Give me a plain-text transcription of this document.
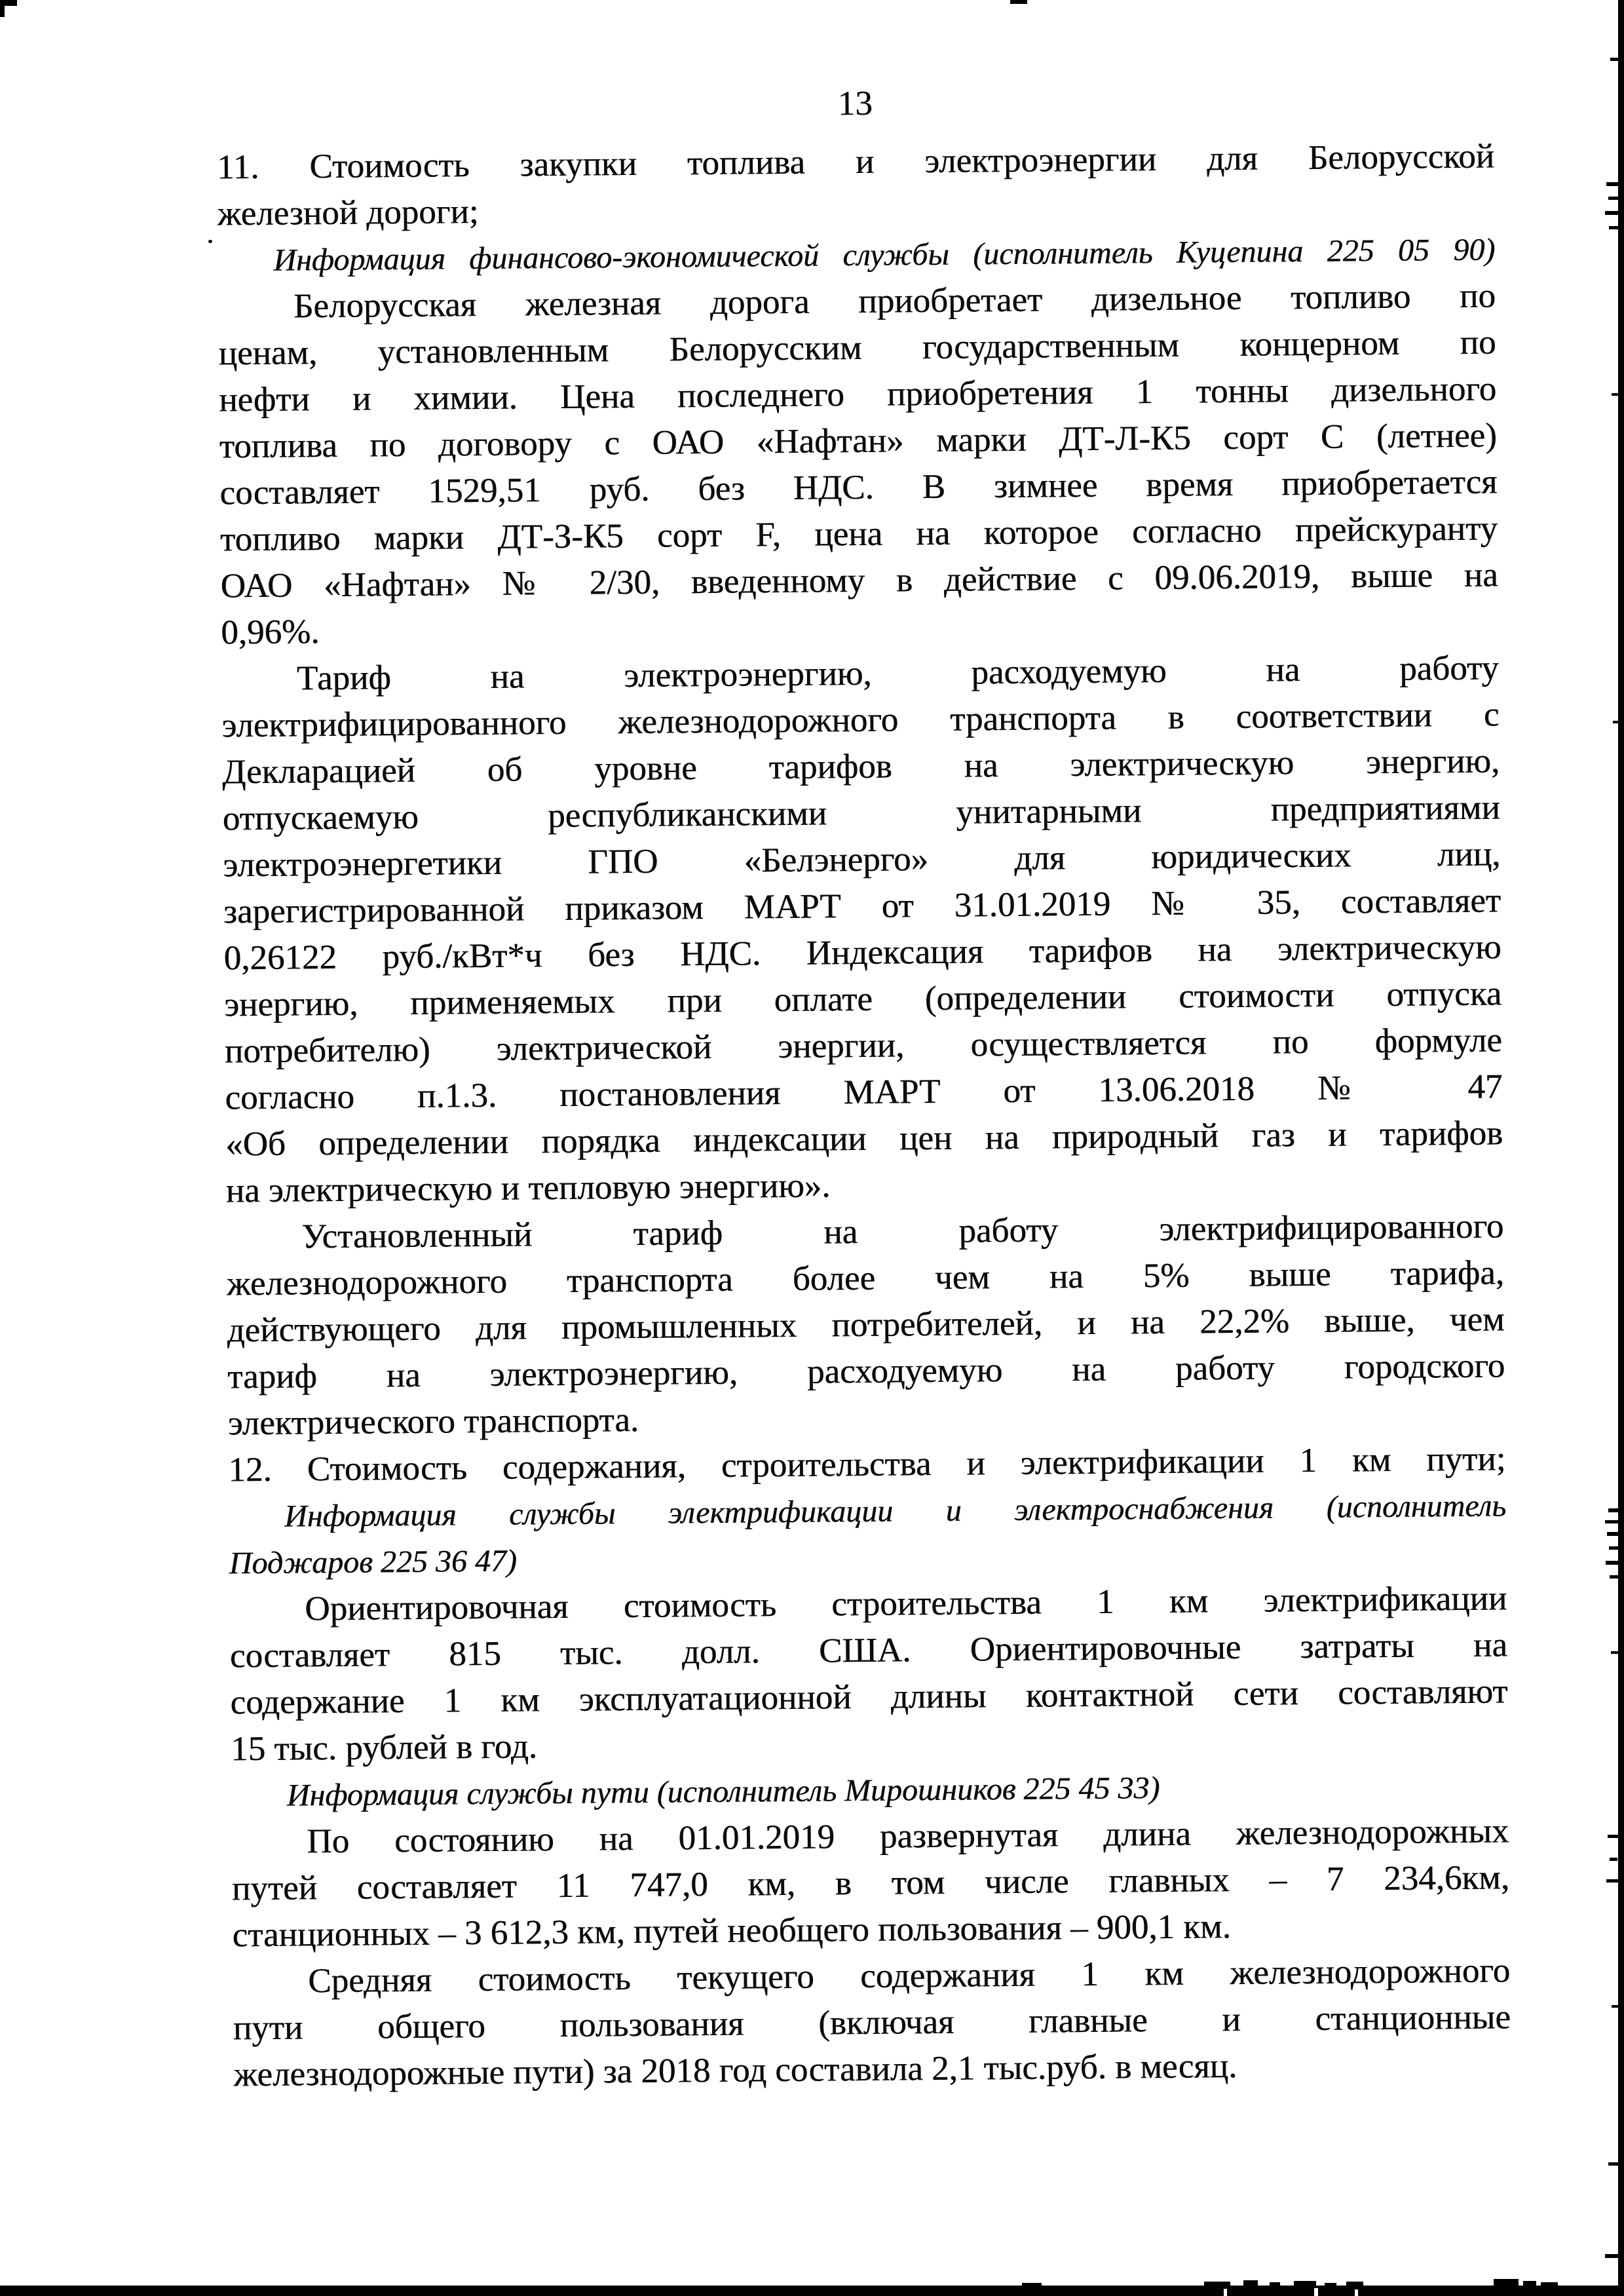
13
11. Стоимость закупки топлива и электроэнергии для Белорусской
железной дороги;
Информация финансово-экономической службы (исполнитель Куцепина 225 05 90)
Белорусская железная дорога приобретает дизельное топливо по
ценам, установленным Белорусским государственным концерном по
нефти и химии. Цена последнего приобретения 1 тонны дизельного
топлива по договору с ОАО «Нафтан» марки ДТ-Л-К5 сорт С (летнее)
составляет 1529,51 руб. без НДС. В зимнее время приобретается
топливо марки ДТ-З-К5 сорт F, цена на которое согласно прейскуранту
ОАО «Нафтан» № 2/30, введенному в действие с 09.06.2019, выше на
0,96%.
Тариф на электроэнергию, расходуемую на работу
электрифицированного железнодорожного транспорта в соответствии с
Декларацией об уровне тарифов на электрическую энергию,
отпускаемую республиканскими унитарными предприятиями
электроэнергетики ГПО «Белэнерго» для юридических лиц,
зарегистрированной приказом МАРТ от 31.01.2019 № 35, составляет
0,26122 руб./кВт*ч без НДС. Индексация тарифов на электрическую
энергию, применяемых при оплате (определении стоимости отпуска
потребителю) электрической энергии, осуществляется по формуле
согласно п.1.3. постановления МАРТ от 13.06.2018 № 47
«Об определении порядка индексации цен на природный газ и тарифов
на электрическую и тепловую энергию».
Установленный тариф на работу электрифицированного
железнодорожного транспорта более чем на 5% выше тарифа,
действующего для промышленных потребителей, и на 22,2% выше, чем
тариф на электроэнергию, расходуемую на работу городского
электрического транспорта.
12. Стоимость содержания, строительства и электрификации 1 км пути;
Информация службы электрификации и электроснабжения (исполнитель
Поджаров 225 36 47)
Ориентировочная стоимость строительства 1 км электрификации
составляет 815 тыс. долл. США. Ориентировочные затраты на
содержание 1 км эксплуатационной длины контактной сети составляют
15 тыс. рублей в год.
Информация службы пути (исполнитель Мирошников 225 45 33)
По состоянию на 01.01.2019 развернутая длина железнодорожных
путей составляет 11 747,0 км, в том числе главных – 7 234,6км,
станционных – 3 612,3 км, путей необщего пользования – 900,1 км.
Средняя стоимость текущего содержания 1 км железнодорожного
пути общего пользования (включая главные и станционные
железнодорожные пути) за 2018 год составила 2,1 тыс.руб. в месяц.
